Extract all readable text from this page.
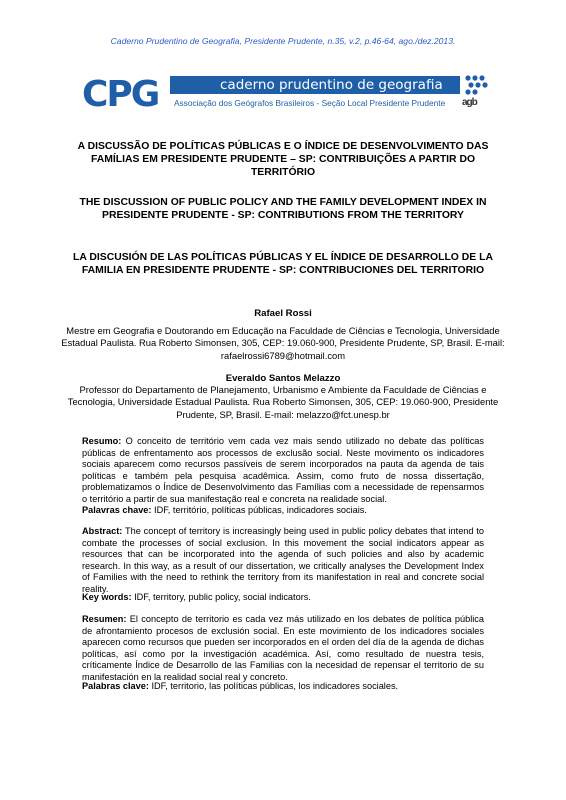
Caderno Prudentino de Geografia, Presidente Prudente, n.35, v.2, p.46-64, ago./dez.2013.
CPG	caderno prudentino de geografia
Associação dos Geógrafos Brasileiros - Seção Local Presidente Prudente	agb
A DISCUSSÃO DE POLÍTICAS PÚBLICAS E O ÍNDICE DE DESENVOLVIMENTO DAS FAMÍLIAS EM PRESIDENTE PRUDENTE – SP: CONTRIBUIÇÕES A PARTIR DO TERRITÓRIO
THE DISCUSSION OF PUBLIC POLICY AND THE FAMILY DEVELOPMENT INDEX IN PRESIDENTE PRUDENTE - SP: CONTRIBUTIONS FROM THE TERRITORY
LA DISCUSIÓN DE LAS POLÍTICAS PÚBLICAS Y EL ÍNDICE DE DESARROLLO DE LA FAMILIA EN PRESIDENTE PRUDENTE - SP: CONTRIBUCIONES DEL TERRITORIO
Rafael Rossi
Mestre em Geografia e Doutorando em Educação na Faculdade de Ciências e Tecnologia, Universidade Estadual Paulista. Rua Roberto Simonsen, 305, CEP: 19.060-900, Presidente Prudente, SP, Brasil. E-mail: rafaelrossi6789@hotmail.com
Everaldo Santos Melazzo
Professor do Departamento de Planejamento, Urbanismo e Ambiente da Faculdade de Ciências e Tecnologia, Universidade Estadual Paulista. Rua Roberto Simonsen, 305, CEP: 19.060-900, Presidente Prudente, SP, Brasil. E-mail: melazzo@fct.unesp.br
Resumo: O conceito de território vem cada vez mais sendo utilizado no debate das políticas públicas de enfrentamento aos processos de exclusão social. Neste movimento os indicadores sociais aparecem como recursos passíveis de serem incorporados na pauta da agenda de tais políticas e também pela pesquisa acadêmica. Assim, como fruto de nossa dissertação, problematizamos o Índice de Desenvolvimento das Famílias com a necessidade de repensarmos o território a partir de sua manifestação real e concreta na realidade social.
Palavras chave: IDF, território, políticas públicas, indicadores sociais.
Abstract: The concept of territory is increasingly being used in public policy debates that intend to combate the processes of social exclusion. In this movement the social indicators appear as resources that can be incorporated into the agenda of such policies and also by academic research. In this way, as a result of our dissertation, we critically analyses the Development Index of Families with the need to rethink the territory from its manifestation in real and concrete social reality.
Key words: IDF, territory, public policy, social indicators.
Resumen: El concepto de territorio es cada vez más utilizado en los debates de política pública de afrontamiento procesos de exclusión social. En este movimiento de los indicadores sociales aparecen como recursos que pueden ser incorporados en el orden del día de la agenda de dichas políticas, así como por la investigación académica. Así, como resultado de nuestra tesis, críticamente Índice de Desarrollo de las Familias con la necesidad de repensar el territorio de su manifestación en la realidad social real y concreto.
Palabras clave: IDF, territorio, las políticas públicas, los indicadores sociales.
